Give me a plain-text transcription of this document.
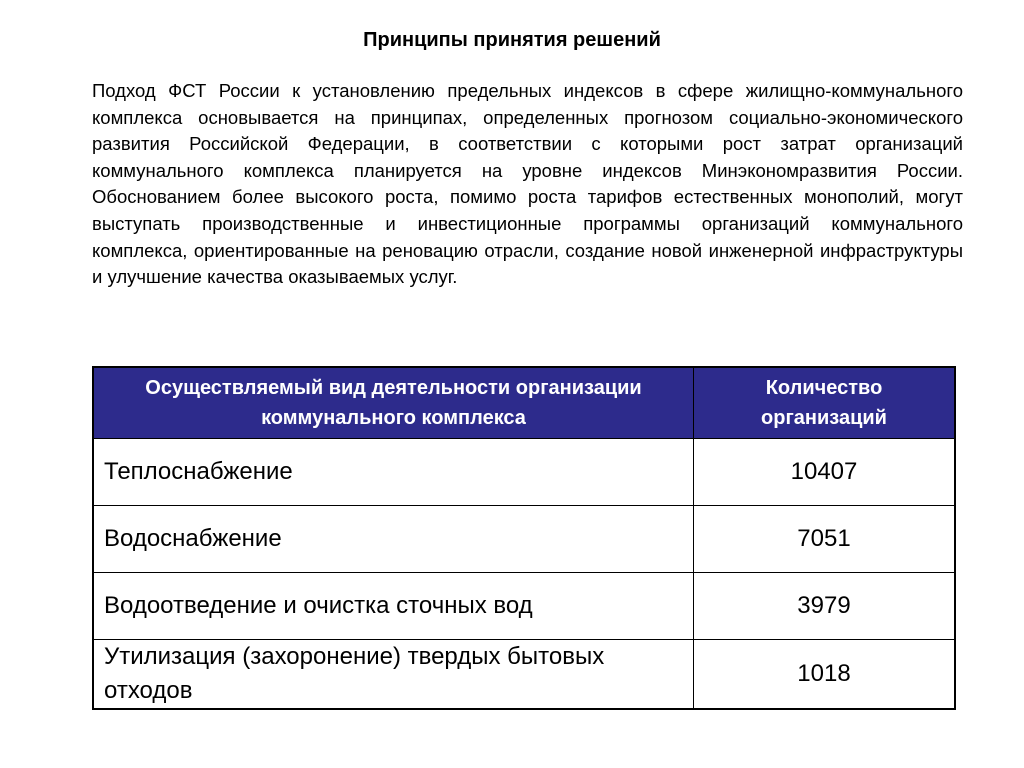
Принципы принятия решений

Подход ФСТ России к установлению предельных индексов в сфере жилищно-коммунального комплекса основывается на принципах, определенных прогнозом социально-экономического развития Российской Федерации, в соответствии с которыми рост затрат организаций коммунального комплекса планируется на уровне индексов Минэкономразвития России. Обоснованием более высокого роста, помимо роста тарифов естественных монополий, могут выступать производственные и инвестиционные программы организаций коммунального комплекса, ориентированные на реновацию отрасли, создание новой инженерной инфраструктуры и улучшение качества оказываемых услуг.

Осуществляемый вид деятельности организации коммунального комплекса	Количество организаций
Теплоснабжение	10407
Водоснабжение	7051
Водоотведение и очистка сточных вод	3979
Утилизация (захоронение) твердых бытовых отходов	1018
